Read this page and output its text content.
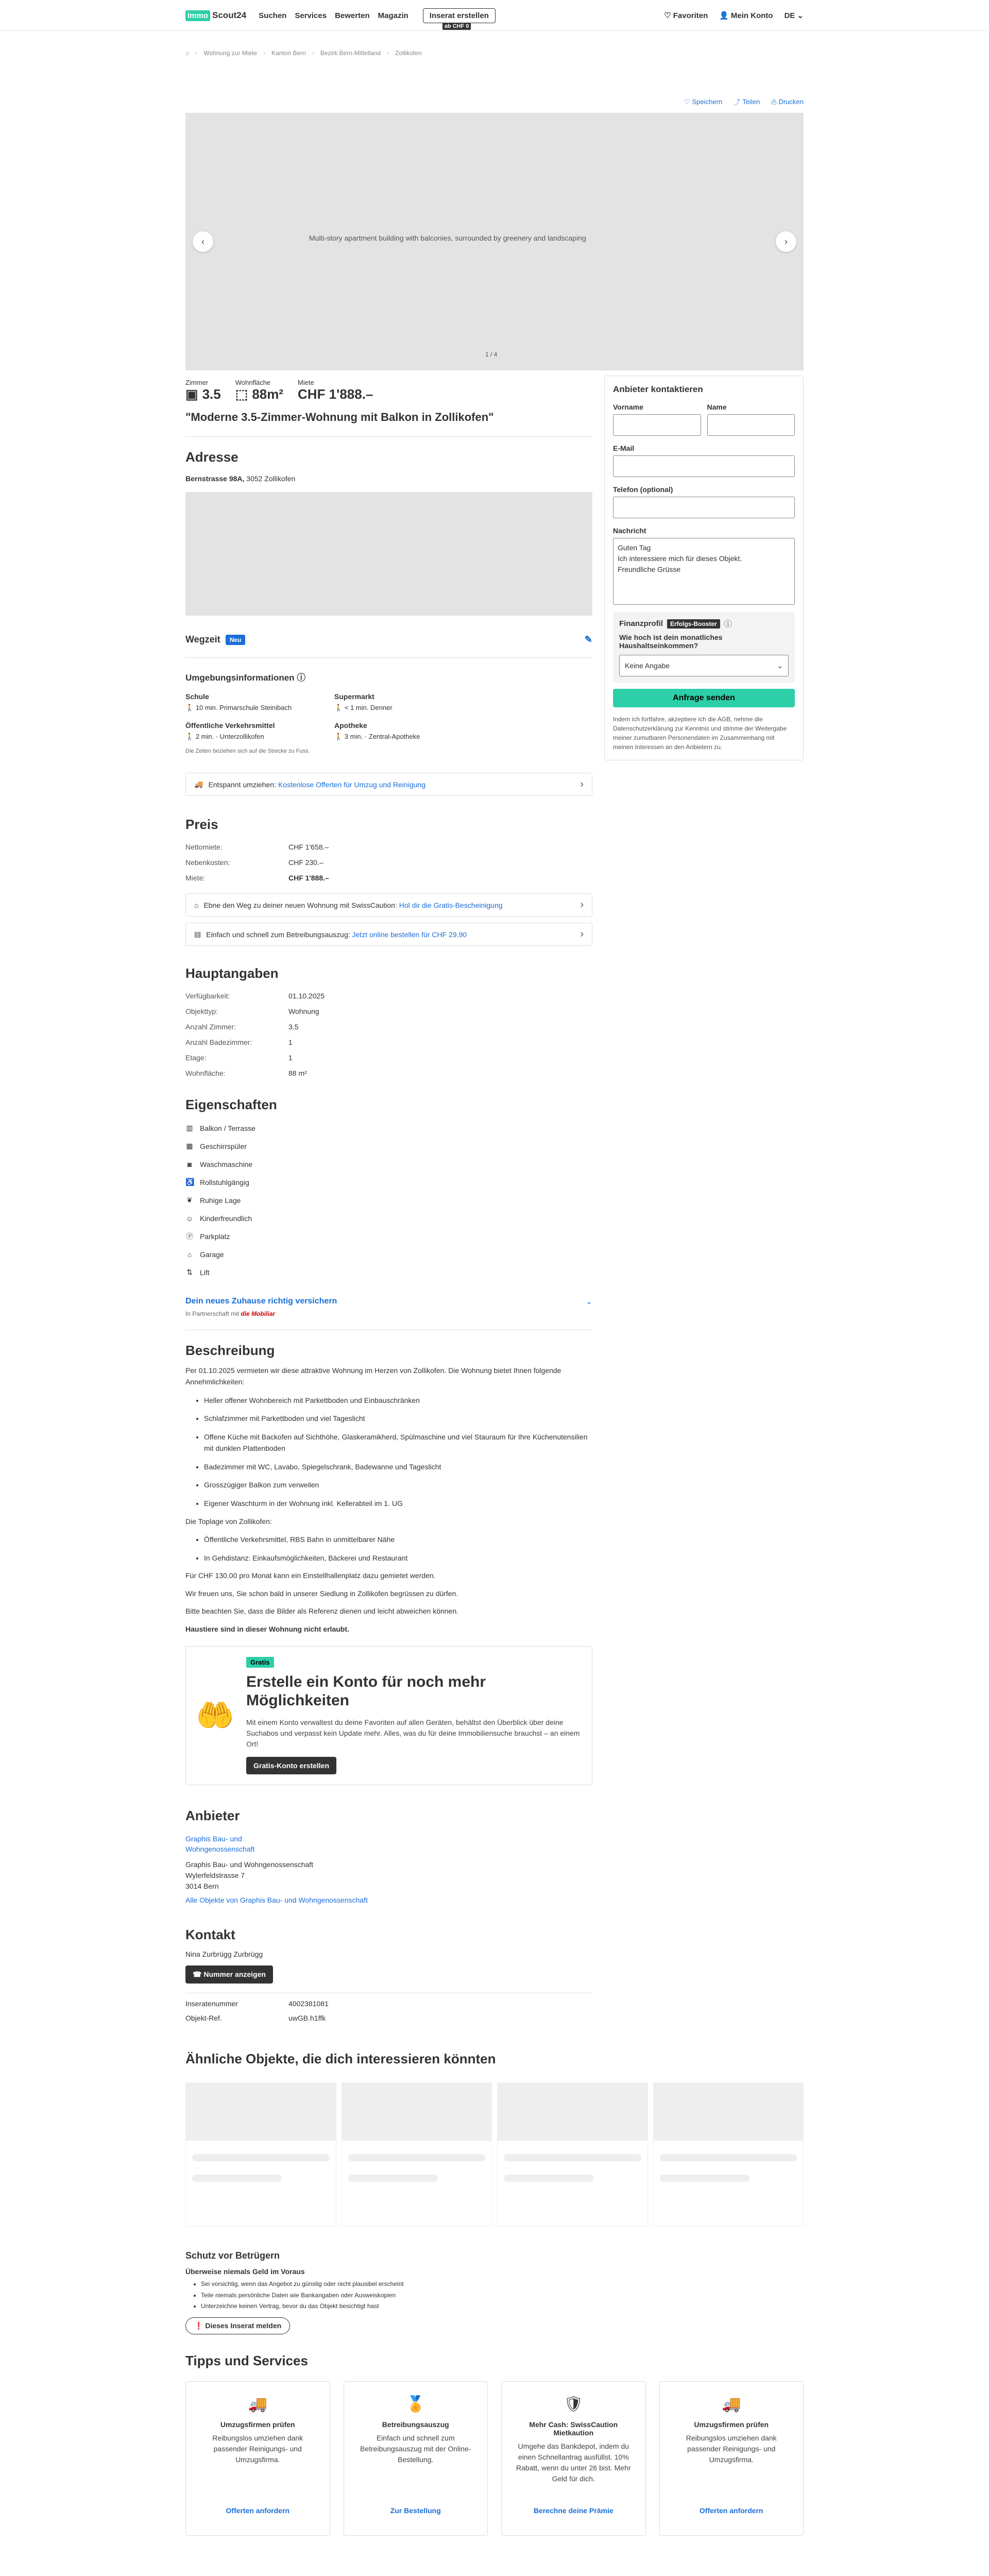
Immo Scout24 Suchen Services Bewerten Magazin	Inserat erstellen
ab CHF 0
♡ Favoriten 👤 Mein Konto DE ⌄
⌂ › Wohnung zur Miete › Kanton Bern › Bezirk Bern-Mittelland › Zollikofen
♡ Speichern ⤴ Teilen ⎙ Drucken
Multi-story apartment building with balconies, surrounded by greenery and landscaping
‹	›
1 / 4
Anbieter kontaktieren
Vorname	Name
E-Mail
Telefon (optional)
Nachricht
Guten Tag
Ich interessiere mich für dieses Objekt.
Freundliche Grüsse
Finanzprofil	Erfolgs-Booster ⓘ
Wie hoch ist dein monatliches Haushaltseinkommen?
Keine Angabe	⌄
Anfrage senden
Indem ich fortfahre, akzeptiere ich die AGB, nehme die Datenschutzerklärung zur Kenntnis und stimme der Weitergabe meiner zumutbaren Personendaten im Zusammenhang mit meinen Interessen an den Anbietern zu.
Zimmer
▣ 3.5
Wohnfläche
⬚ 88m²
Miete
CHF 1'888.–
"Moderne 3.5-Zimmer-Wohnung mit Balkon in Zollikofen"
Adresse
Bernstrasse 98A, 3052 Zollikofen
Wegzeit	Neu	✎
Umgebungsinformationen ⓘ
Schule
🚶 10 min. Primarschule Steinibach
Supermarkt
🚶 < 1 min. Denner
Öffentliche Verkehrsmittel
🚶 2 min. · Unterzollikofen
Apotheke
🚶 3 min. · Zentral-Apotheke
Die Zeiten beziehen sich auf die Strecke zu Fuss.
🚚 Entspannt umziehen: Kostenlose Offerten für Umzug und Reinigung	›
Preis
Nettomiete:	CHF 1'658.–
Nebenkosten:	CHF 230.–
Miete:	CHF 1'888.–
⌂ Ebne den Weg zu deiner neuen Wohnung mit SwissCaution: Hol dir die Gratis-Bescheinigung	›
▤ Einfach und schnell zum Betreibungsauszug: Jetzt online bestellen für CHF 29.90	›
Hauptangaben
Verfügbarkeit:	01.10.2025
Objekttyp:	Wohnung
Anzahl Zimmer:	3.5
Anzahl Badezimmer:	1
Etage:	1
Wohnfläche:	88 m²
Eigenschaften
▥ Balkon / Terrasse
▦ Geschirrspüler
◙ Waschmaschine
♿ Rollstuhlgängig
❦ Ruhige Lage
☺ Kinderfreundlich
Ⓟ Parkplatz
⌂ Garage
⇅ Lift
Dein neues Zuhause richtig versichern	⌄
In Partnerschaft mit die Mobiliar
Beschreibung

Per 01.10.2025 vermieten wir diese attraktive Wohnung im Herzen von Zollikofen. Die Wohnung bietet Ihnen folgende Annehmlichkeiten:

• Heller offener Wohnbereich mit Parkettboden und Einbauschränken
• Schlafzimmer mit Parkettboden und viel Tageslicht
• Offene Küche mit Backofen auf Sichthöhe, Glaskeramikherd, Spülmaschine und viel Stauraum für Ihre Küchenutensilien mit dunklen Plattenboden
• Badezimmer mit WC, Lavabo, Spiegelschrank, Badewanne und Tageslicht
• Grosszügiger Balkon zum verweilen
• Eigener Waschturm in der Wohnung inkl. Kellerabteil im 1. UG

Die Toplage von Zollikofen:

• Öffentliche Verkehrsmittel, RBS Bahn in unmittelbarer Nähe
• In Gehdistanz: Einkaufsmöglichkeiten, Bäckerei und Restaurant

Für CHF 130.00 pro Monat kann ein Einstellhallenplatz dazu gemietet werden.

Wir freuen uns, Sie schon bald in unserer Siedlung in Zollikofen begrüssen zu dürfen.

Bitte beachten Sie, dass die Bilder als Referenz dienen und leicht abweichen können.

Haustiere sind in dieser Wohnung nicht erlaubt.

🤲
Gratis
Erstelle ein Konto für noch mehr Möglichkeiten

Mit einem Konto verwaltest du deine Favoriten auf allen Geräten, behältst den Überblick über deine Suchabos und verpasst kein Update mehr. Alles, was du für deine Immobiliensuche brauchst – an einem Ort!

Gratis-Konto erstellen
Anbieter
Graphis Bau- und Wohngenossenschaft
Graphis Bau- und Wohngenossenschaft
Wylerfeldstrasse 7
3014 Bern
Alle Objekte von Graphis Bau- und Wohngenossenschaft
Kontakt
Nina Zurbrügg Zurbrügg
☎ Nummer anzeigen
Inseratenummer	4002381081
Objekt-Ref.	uwGB.h1ffk
Ähnliche Objekte, die dich interessieren könnten
Schutz vor Betrügern
Überweise niemals Geld im Voraus
• Sei vorsichtig, wenn das Angebot zu günstig oder nicht plausibel erscheint
• Teile niemals persönliche Daten wie Bankangaben oder Ausweiskopien
• Unterzeichne keinen Vertrag, bevor du das Objekt besichtigt hast
❗ Dieses Inserat melden
Tipps und Services
🚚
Umzugsfirmen prüfen
Reibungslos umziehen dank passender Reinigungs- und Umzugsfirma.
Offerten anfordern
🏅
Betreibungsauszug
Einfach und schnell zum Betreibungsauszug mit der Online-Bestellung.
Zur Bestellung
🛡
Mehr Cash: SwissCaution Mietkaution
Umgehe das Bankdepot, indem du einen Schnellantrag ausfüllst. 10% Rabatt, wenn du unter 26 bist. Mehr Geld für dich.
Berechne deine Prämie
🚚
Umzugsfirmen prüfen
Reibungslos umziehen dank passender Reinigungs- und Umzugsfirma.
Offerten anfordern
